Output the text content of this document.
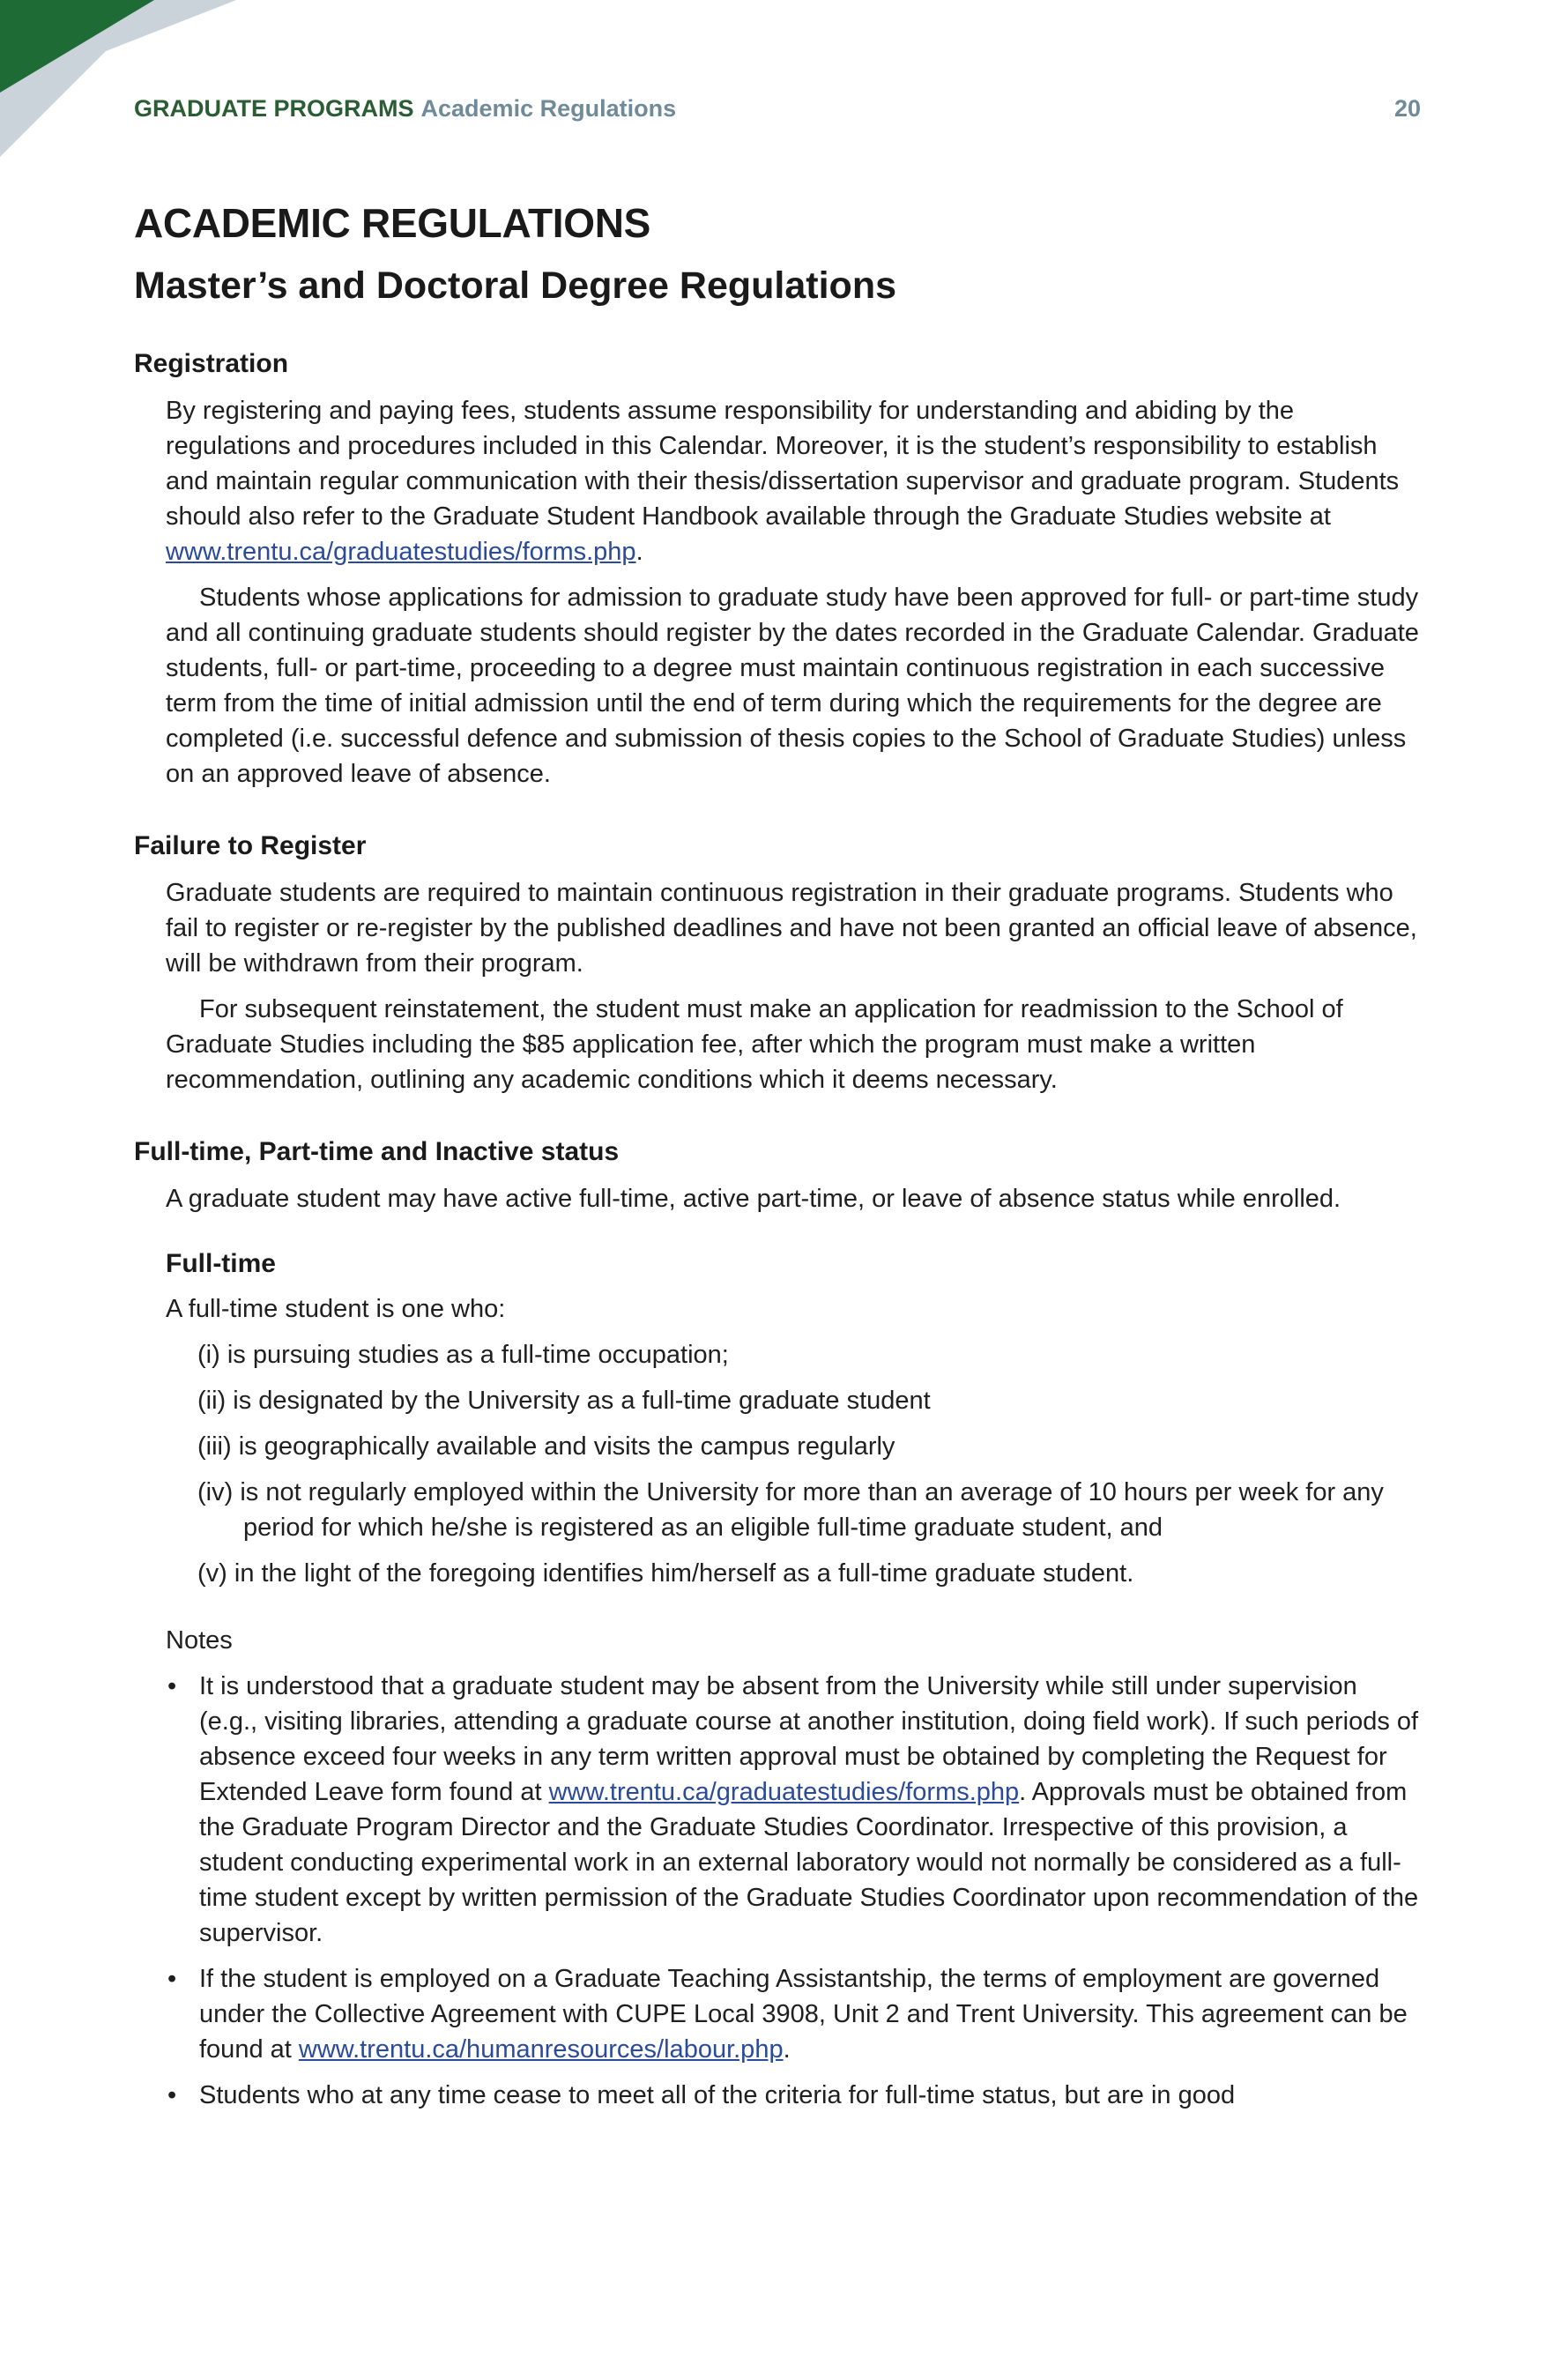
GRADUATE PROGRAMS Academic Regulations	20
ACADEMIC REGULATIONS
Master’s and Doctoral Degree Regulations
Registration

By registering and paying fees, students assume responsibility for understanding and abiding by the regulations and procedures included in this Calendar. Moreover, it is the student’s responsibility to establish and maintain regular communication with their thesis/dissertation supervisor and graduate program. Students should also refer to the Graduate Student Handbook available through the Graduate Studies website at www.trentu.ca/graduatestudies/forms.php.

Students whose applications for admission to graduate study have been approved for full- or part-time study and all continuing graduate students should register by the dates recorded in the Graduate Calendar. Graduate students, full- or part-time, proceeding to a degree must maintain continuous registration in each successive term from the time of initial admission until the end of term during which the requirements for the degree are completed (i.e. successful defence and submission of thesis copies to the School of Graduate Studies) unless on an approved leave of absence.

Failure to Register

Graduate students are required to maintain continuous registration in their graduate programs. Students who fail to register or re-register by the published deadlines and have not been granted an official leave of absence, will be withdrawn from their program.

For subsequent reinstatement, the student must make an application for readmission to the School of Graduate Studies including the $85 application fee, after which the program must make a written recommendation, outlining any academic conditions which it deems necessary.

Full-time, Part-time and Inactive status

A graduate student may have active full-time, active part-time, or leave of absence status while enrolled.

Full-time

A full-time student is one who:

(i) is pursuing studies as a full-time occupation;
(ii) is designated by the University as a full-time graduate student
(iii) is geographically available and visits the campus regularly
(iv) is not regularly employed within the University for more than an average of 10 hours per week for any period for which he/she is registered as an eligible full-time graduate student, and
(v) in the light of the foregoing identifies him/herself as a full-time graduate student.

Notes

• It is understood that a graduate student may be absent from the University while still under supervision (e.g., visiting libraries, attending a graduate course at another institution, doing field work). If such periods of absence exceed four weeks in any term written approval must be obtained by completing the Request for Extended Leave form found at www.trentu.ca/graduatestudies/forms.php. Approvals must be obtained from the Graduate Program Director and the Graduate Studies Coordinator. Irrespective of this provision, a student conducting experimental work in an external laboratory would not normally be considered as a full-time student except by written permission of the Graduate Studies Coordinator upon recommendation of the supervisor.
• If the student is employed on a Graduate Teaching Assistantship, the terms of employment are governed under the Collective Agreement with CUPE Local 3908, Unit 2 and Trent University. This agreement can be found at www.trentu.ca/humanresources/labour.php.
• Students who at any time cease to meet all of the criteria for full-time status, but are in good
